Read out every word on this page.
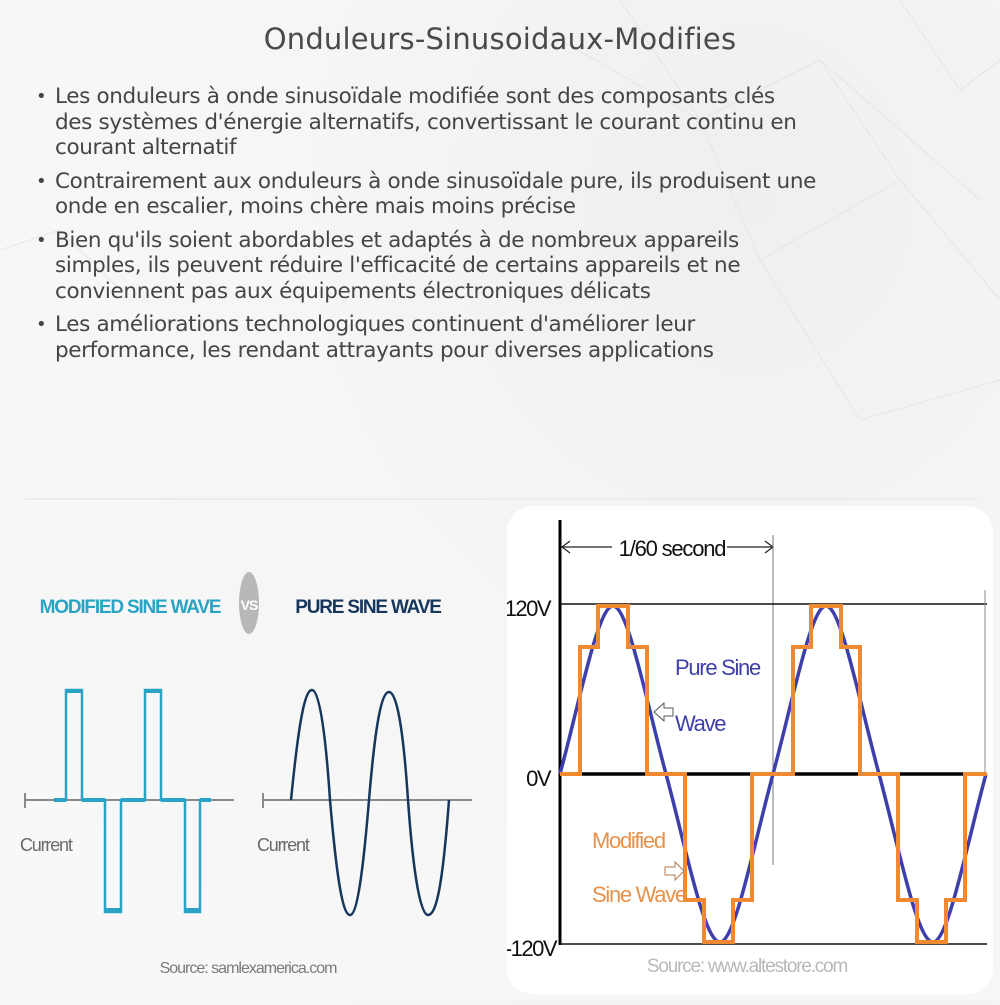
Onduleurs-Sinusoidaux-Modifies
• Les onduleurs à onde sinusoïdale modifiée sont des composants clés
des systèmes d'énergie alternatifs, convertissant le courant continu en
courant alternatif
• Contrairement aux onduleurs à onde sinusoïdale pure, ils produisent une
onde en escalier, moins chère mais moins précise
• Bien qu'ils soient abordables et adaptés à de nombreux appareils
simples, ils peuvent réduire l'efficacité de certains appareils et ne
conviennent pas aux équipements électroniques délicats
• Les améliorations technologiques continuent d'améliorer leur
performance, les rendant attrayants pour diverses applications
MODIFIED SINE WAVE VS PURE SINE WAVE
Current	Current
Source: samlexamerica.com
1/60 second
120V
0V
-120V
Pure Sine
Wave
Modified
Sine Wave
Source: www.altestore.com
